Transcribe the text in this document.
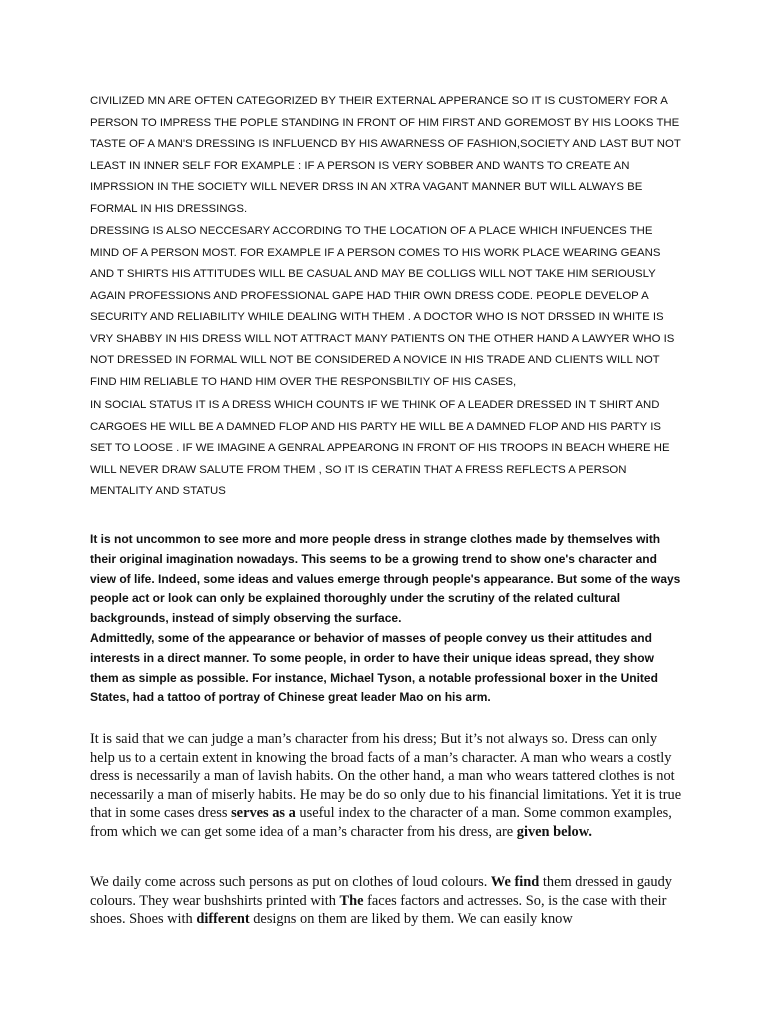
CIVILIZED MN ARE OFTEN CATEGORIZED BY THEIR EXTERNAL APPERANCE SO IT IS CUSTOMERY FOR A PERSON TO IMPRESS THE POPLE STANDING IN FRONT OF HIM FIRST AND GOREMOST BY HIS LOOKS THE TASTE OF A MAN'S DRESSING IS INFLUENCD BY HIS AWARNESS OF FASHION,SOCIETY AND LAST BUT NOT LEAST IN INNER SELF FOR EXAMPLE : IF A PERSON IS VERY SOBBER AND WANTS TO CREATE AN IMPRSSION IN THE SOCIETY WILL NEVER DRSS IN AN XTRA VAGANT MANNER BUT WILL ALWAYS BE FORMAL IN HIS DRESSINGS.

DRESSING IS ALSO NECCESARY ACCORDING TO THE LOCATION OF A PLACE WHICH INFUENCES THE MIND OF A PERSON MOST. FOR EXAMPLE IF A PERSON COMES TO HIS WORK PLACE WEARING GEANS AND T SHIRTS HIS ATTITUDES WILL BE CASUAL AND MAY BE COLLIGS WILL NOT TAKE HIM SERIOUSLY AGAIN PROFESSIONS AND PROFESSIONAL GAPE HAD THIR OWN DRESS CODE. PEOPLE DEVELOP A SECURITY AND RELIABILITY WHILE DEALING WITH THEM . A DOCTOR WHO IS NOT DRSSED IN WHITE IS VRY SHABBY IN HIS DRESS WILL NOT ATTRACT MANY PATIENTS ON THE OTHER HAND A LAWYER WHO IS NOT DRESSED IN FORMAL WILL NOT BE CONSIDERED A NOVICE IN HIS TRADE AND CLIENTS WILL NOT FIND HIM RELIABLE TO HAND HIM OVER THE RESPONSBILTIY OF HIS CASES,

IN SOCIAL STATUS IT IS A DRESS WHICH COUNTS IF WE THINK OF A LEADER DRESSED IN T SHIRT AND CARGOES HE WILL BE A DAMNED FLOP AND HIS PARTY HE WILL BE A DAMNED FLOP AND HIS PARTY IS SET TO LOOSE . IF WE IMAGINE A GENRAL APPEARONG IN FRONT OF HIS TROOPS IN BEACH WHERE HE WILL NEVER DRAW SALUTE FROM THEM , SO IT IS CERATIN THAT A FRESS REFLECTS A PERSON MENTALITY AND STATUS

It is not uncommon to see more and more people dress in strange clothes made by themselves with their original imagination nowadays. This seems to be a growing trend to show one's character and view of life. Indeed, some ideas and values emerge through people's appearance. But some of the ways people act or look can only be explained thoroughly under the scrutiny of the related cultural backgrounds, instead of simply observing the surface.

Admittedly, some of the appearance or behavior of masses of people convey us their attitudes and interests in a direct manner. To some people, in order to have their unique ideas spread, they show them as simple as possible. For instance, Michael Tyson, a notable professional boxer in the United States, had a tattoo of portray of Chinese great leader Mao on his arm.

It is said that we can judge a man’s character from his dress; But it’s not always so. Dress can only help us to a certain extent in knowing the broad facts of a man’s character. A man who wears a costly dress is necessarily a man of lavish habits. On the other hand, a man who wears tattered clothes is not necessarily a man of miserly habits. He may be do so only due to his financial limitations. Yet it is true that in some cases dress serves as a useful index to the character of a man. Some common examples, from which we can get some idea of a man’s character from his dress, are given below.

We daily come across such persons as put on clothes of loud colours. We find them dressed in gaudy colours. They wear bushshirts printed with The faces factors and actresses. So, is the case with their shoes. Shoes with different designs on them are liked by them. We can easily know
